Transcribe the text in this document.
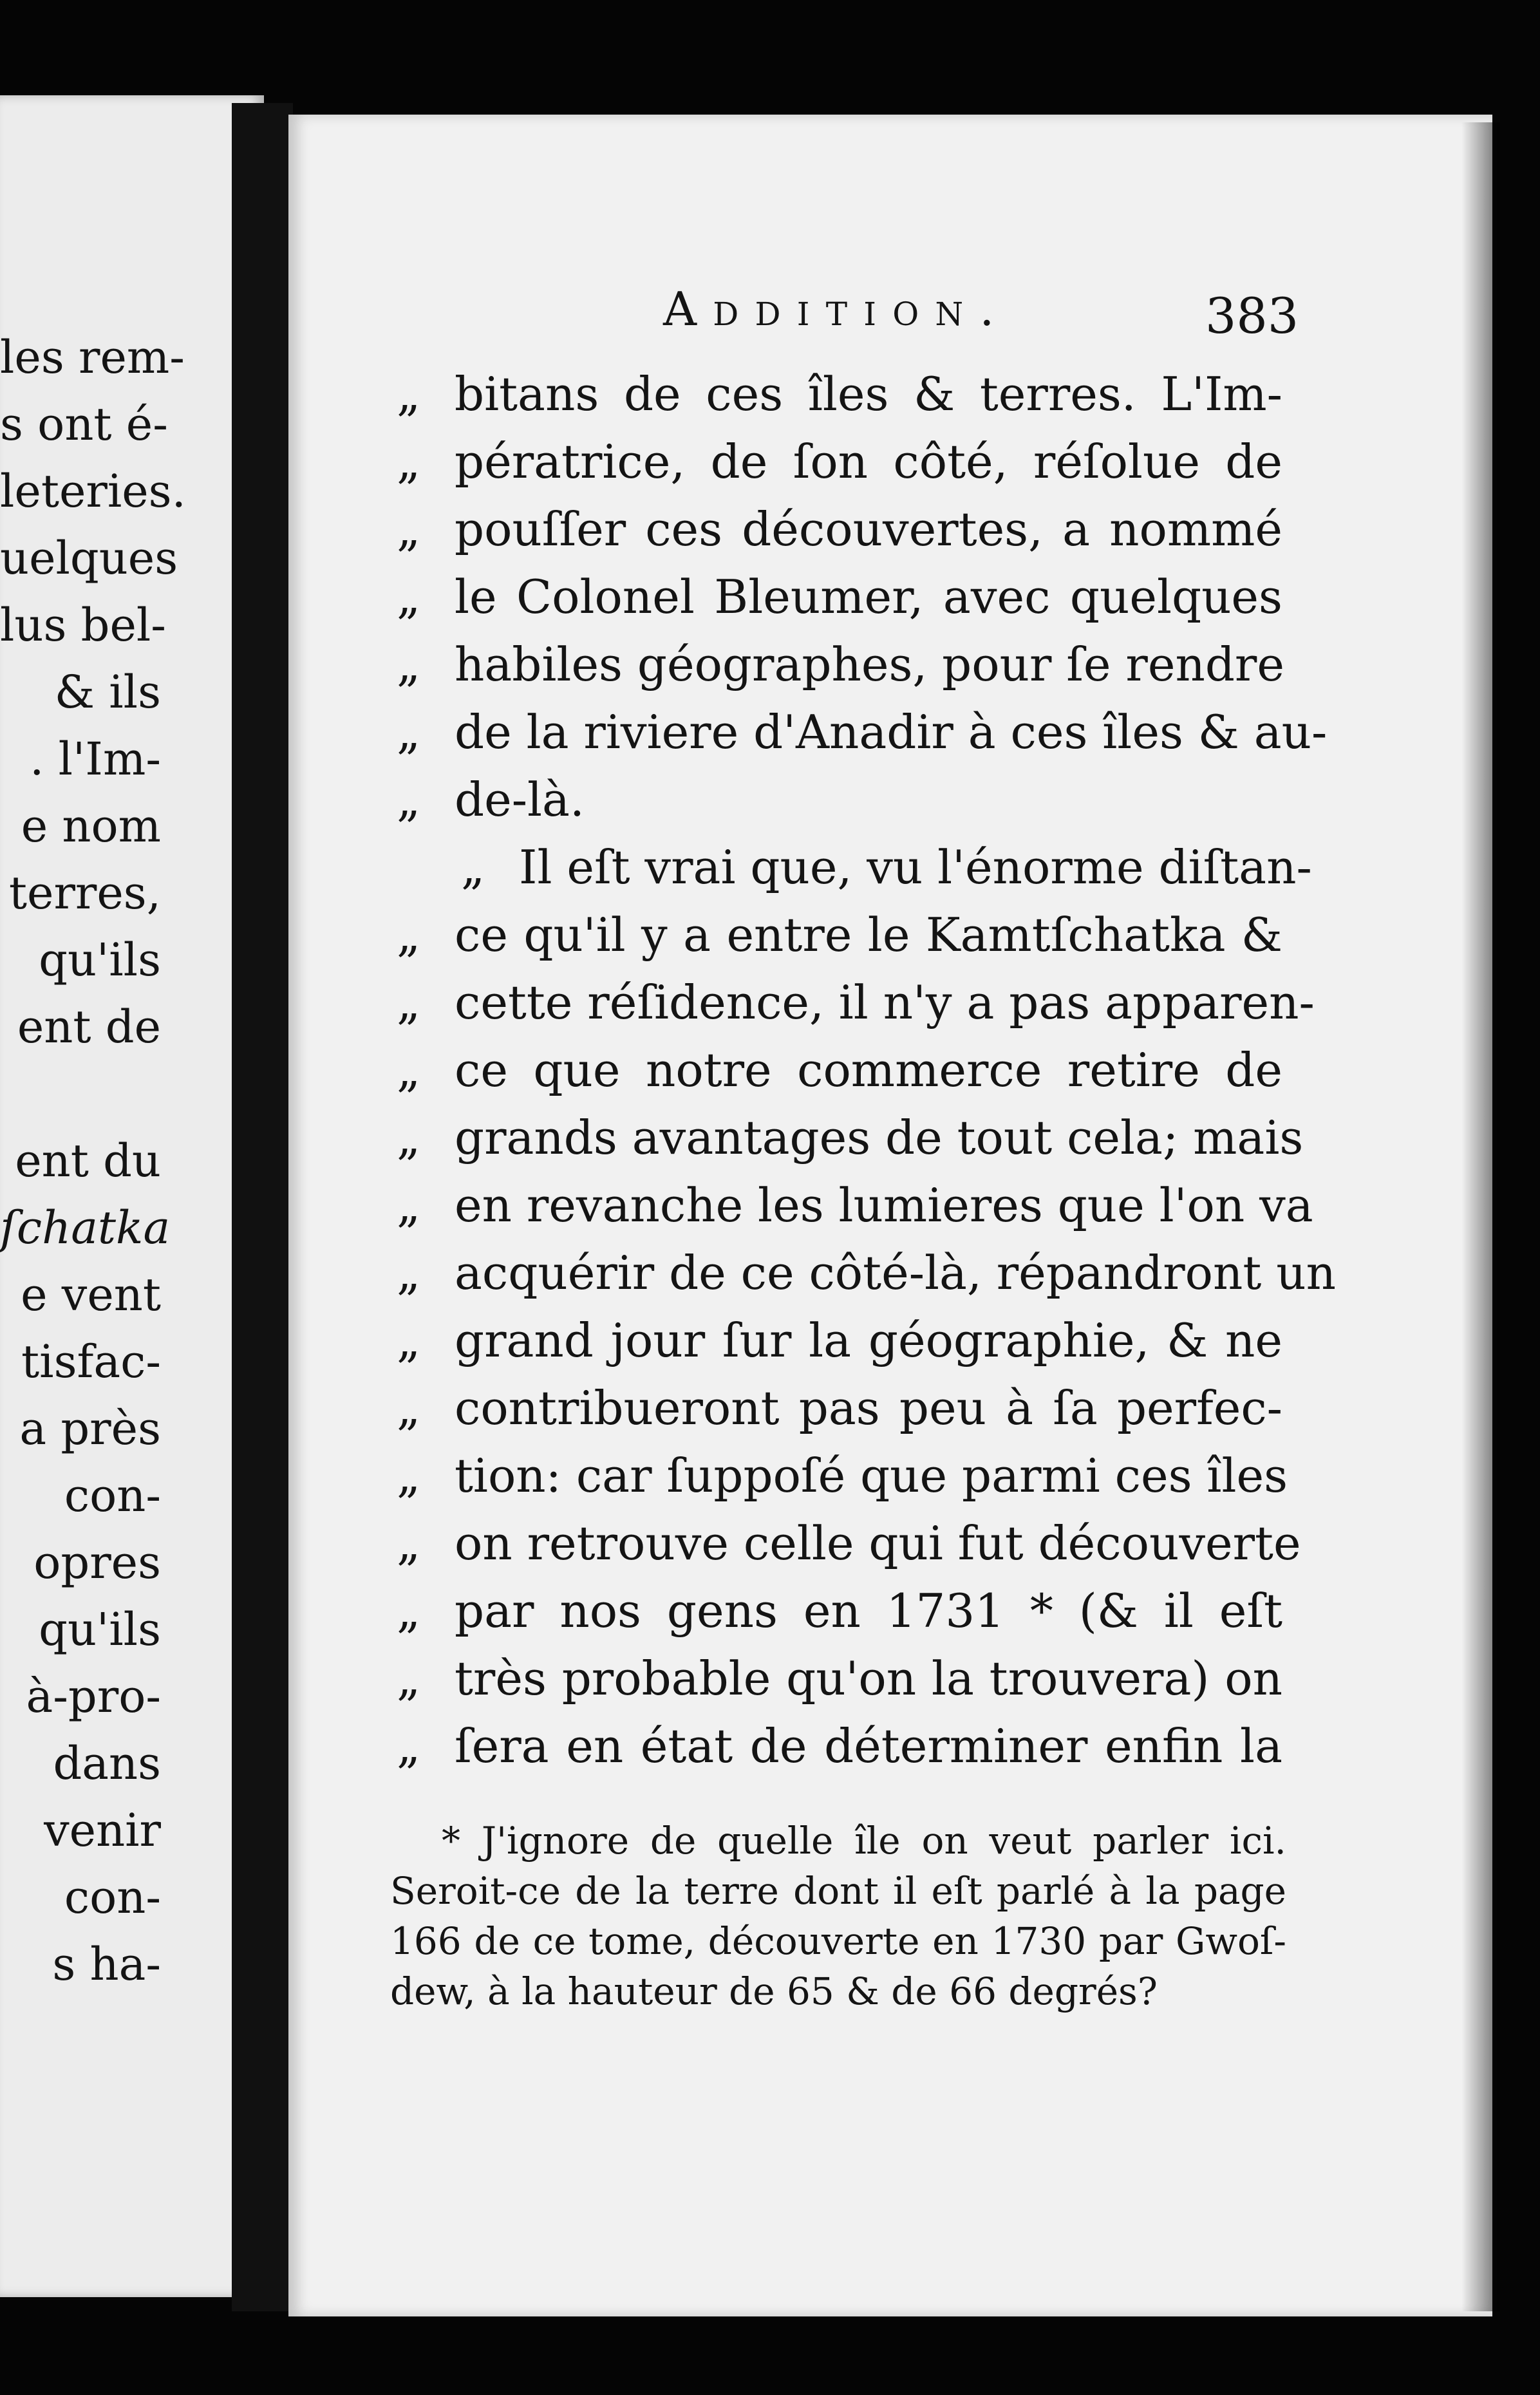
les rem-
s ont é-
leteries.
uelques
lus bel-
& ils
. l'Im-
e nom
terres,
qu'ils
ent de
ent du
ſchatka
e vent
tisfac-
a près
con-
opres
qu'ils
à-pro-
dans
venir
con-
s ha-
Addition.	383
„ bitans de ces îles & terres. L'Im-
„ pératrice, de ſon côté, réſolue de
„ pouſſer ces découvertes, a nommé
„ le Colonel Bleumer, avec quelques
„ habiles géographes, pour ſe rendre
„ de la riviere d'Anadir à ces îles & au-
„ de-là.
„ Il eſt vrai que, vu l'énorme diſtan-
„ ce qu'il y a entre le Kamtſchatka &
„ cette réſidence, il n'y a pas apparen-
„ ce que notre commerce retire de
„ grands avantages de tout cela; mais
„ en revanche les lumieres que l'on va
„ acquérir de ce côté-là, répandront un
„ grand jour ſur la géographie, & ne
„ contribueront pas peu à ſa perfec-
„ tion: car ſuppoſé que parmi ces îles
„ on retrouve celle qui fut découverte
„ par nos gens en 1731 * (& il eſt
„ très probable qu'on la trouvera) on
„ ſera en état de déterminer enfin la
* J'ignore de quelle île on veut parler ici.
Seroit-ce de la terre dont il eſt parlé à la page
166 de ce tome, découverte en 1730 par Gwoſ-
dew, à la hauteur de 65 & de 66 degrés?
